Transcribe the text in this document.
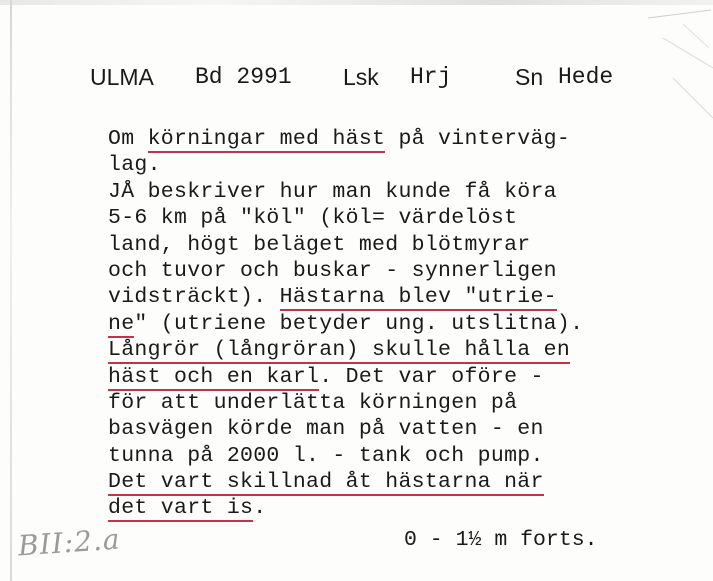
ULMA Bd 2991 Lsk Hrj	Sn Hede
Om körningar med häst på vinterväg-
lag.
JÅ beskriver hur man kunde få köra
5-6 km på "köl" (köl= värdelöst
land, högt beläget med blötmyrar
och tuvor och buskar - synnerligen
vidsträckt). Hästarna blev "utrie-
ne" (utriene betyder ung. utslitna).
Långrör (långröran) skulle hålla en
häst och en karl. Det var oföre -
för att underlätta körningen på
basvägen körde man på vatten - en
tunna på 2000 l. - tank och pump.
Det vart skillnad åt hästarna när
det vart is.
BII:2.a	0 - 1½ m forts.
